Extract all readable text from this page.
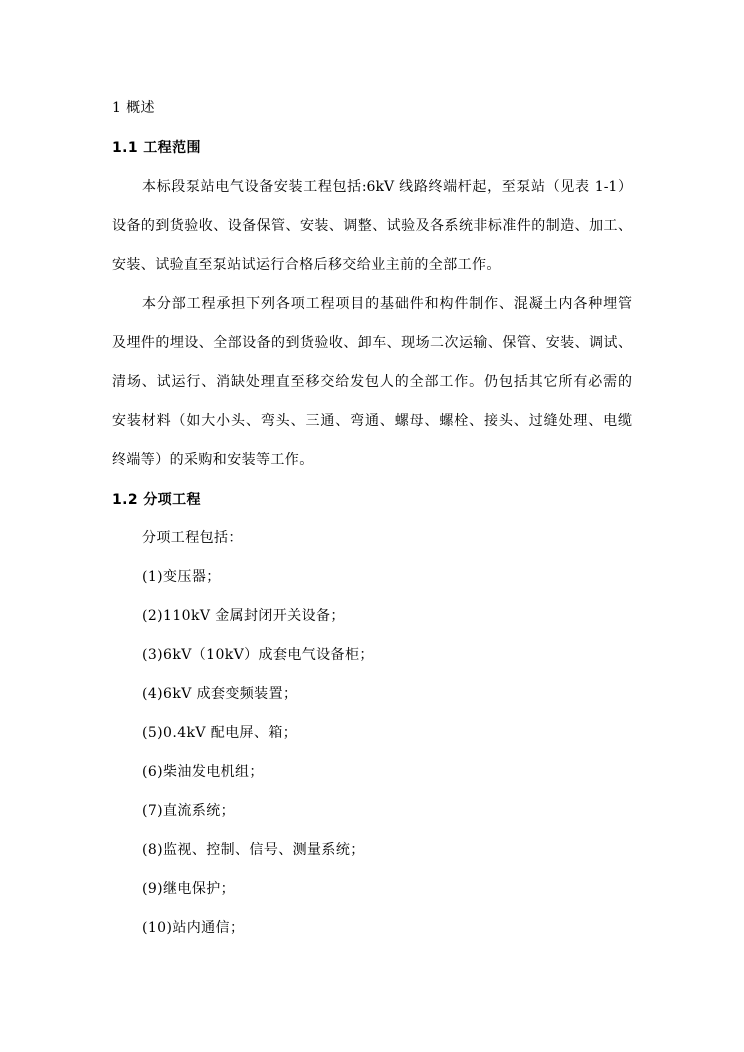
1 概述
1.1 工程范围
本标段泵站电气设备安装工程包括:6kV 线路终端杆起，至泵站（见表 1-1）
设备的到货验收、设备保管、安装、调整、试验及各系统非标准件的制造、加工、
安装、试验直至泵站试运行合格后移交给业主前的全部工作。
本分部工程承担下列各项工程项目的基础件和构件制作、混凝土内各种埋管
及埋件的埋设、全部设备的到货验收、卸车、现场二次运输、保管、安装、调试、
清场、试运行、消缺处理直至移交给发包人的全部工作。仍包括其它所有必需的
安装材料（如大小头、弯头、三通、弯通、螺母、螺栓、接头、过缝处理、电缆
终端等）的采购和安装等工作。
1.2 分项工程
分项工程包括：
(1)变压器；
(2)110kV 金属封闭开关设备；
(3)6kV（10kV）成套电气设备柜；
(4)6kV 成套变频装置；
(5)0.4kV 配电屏、箱；
(6)柴油发电机组；
(7)直流系统；
(8)监视、控制、信号、测量系统；
(9)继电保护；
(10)站内通信；
